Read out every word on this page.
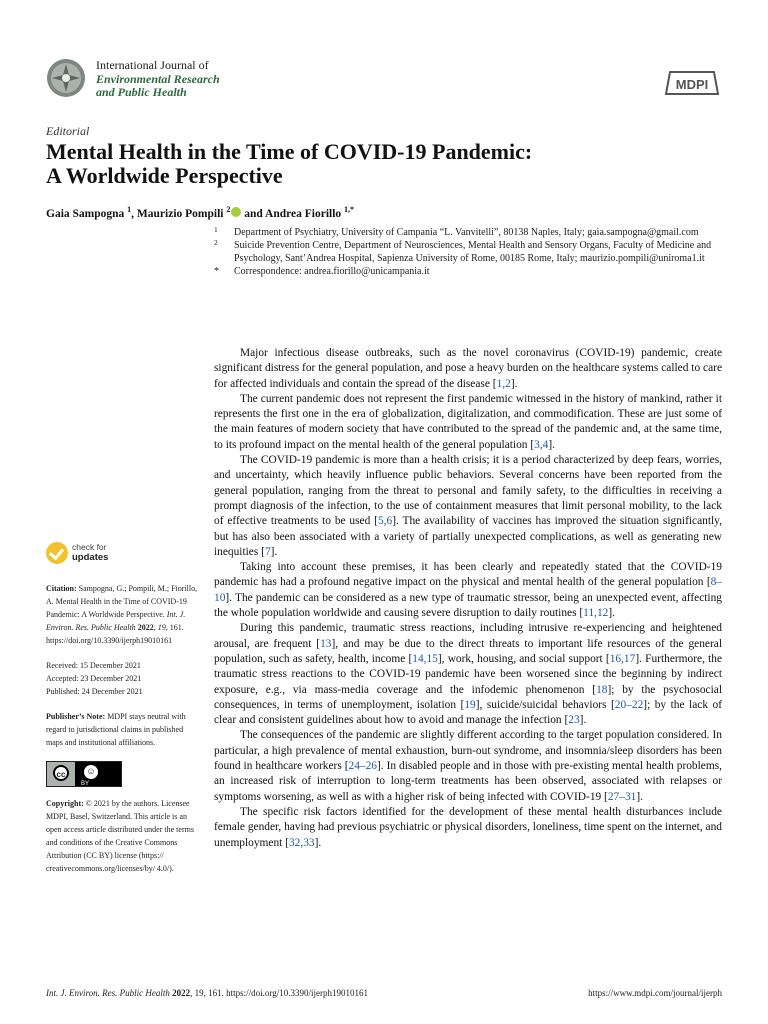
International Journal of
Environmental Research
and Public Health	MDPI
Editorial
Mental Health in the Time of COVID-19 Pandemic:
A Worldwide Perspective
Gaia Sampogna $^1$, Maurizio Pompili $^2$ and Andrea Fiorillo $^{1,*}$
1 Department of Psychiatry, University of Campania “L. Vanvitelli”, 80138 Naples, Italy; gaia.sampogna@gmail.com
2 Suicide Prevention Centre, Department of Neurosciences, Mental Health and Sensory Organs, Faculty of Medicine and Psychology, Sant’Andrea Hospital, Sapienza University of Rome, 00185 Rome, Italy; maurizio.pompili@uniroma1.it
* Correspondence: andrea.fiorillo@unicampania.it
check for
updates

Citation: Sampogna, G.; Pompili, M.; Fiorillo, A. Mental Health in the Time of COVID-19 Pandemic: A Worldwide Perspective. Int. J. Environ. Res. Public Health 2022, 19, 161. https://doi.org/10.3390/ijerph19010161

Received: 15 December 2021
Accepted: 23 December 2021
Published: 24 December 2021

Publisher’s Note: MDPI stays neutral with regard to jurisdictional claims in published maps and institutional affiliations.

cc	☺
BY

Copyright: © 2021 by the authors. Licensee MDPI, Basel, Switzerland. This article is an open access article distributed under the terms and conditions of the Creative Commons Attribution (CC BY) license (https:// creativecommons.org/licenses/by/ 4.0/).

Major infectious disease outbreaks, such as the novel coronavirus (COVID-19) pandemic, create significant distress for the general population, and pose a heavy burden on the healthcare systems called to care for affected individuals and contain the spread of the disease [1,2].

The current pandemic does not represent the first pandemic witnessed in the history of mankind, rather it represents the first one in the era of globalization, digitalization, and commodification. These are just some of the main features of modern society that have contributed to the spread of the pandemic and, at the same time, to its profound impact on the mental health of the general population [3,4].

The COVID-19 pandemic is more than a health crisis; it is a period characterized by deep fears, worries, and uncertainty, which heavily influence public behaviors. Several concerns have been reported from the general population, ranging from the threat to personal and family safety, to the difficulties in receiving a prompt diagnosis of the infection, to the use of containment measures that limit personal mobility, to the lack of effective treatments to be used [5,6]. The availability of vaccines has improved the situation significantly, but has also been associated with a variety of partially unexpected complications, as well as generating new inequities [7].

Taking into account these premises, it has been clearly and repeatedly stated that the COVID-19 pandemic has had a profound negative impact on the physical and mental health of the general population [8–10]. The pandemic can be considered as a new type of traumatic stressor, being an unexpected event, affecting the whole population worldwide and causing severe disruption to daily routines [11,12].

During this pandemic, traumatic stress reactions, including intrusive re-experiencing and heightened arousal, are frequent [13], and may be due to the direct threats to important life resources of the general population, such as safety, health, income [14,15], work, housing, and social support [16,17]. Furthermore, the traumatic stress reactions to the COVID-19 pandemic have been worsened since the beginning by indirect exposure, e.g., via mass-media coverage and the infodemic phenomenon [18]; by the psychosocial consequences, in terms of unemployment, isolation [19], suicide/suicidal behaviors [20–22]; by the lack of clear and consistent guidelines about how to avoid and manage the infection [23].

The consequences of the pandemic are slightly different according to the target population considered. In particular, a high prevalence of mental exhaustion, burn-out syndrome, and insomnia/sleep disorders has been found in healthcare workers [24–26]. In disabled people and in those with pre-existing mental health problems, an increased risk of interruption to long-term treatments has been observed, associated with relapses or symptoms worsening, as well as with a higher risk of being infected with COVID-19 [27–31].

The specific risk factors identified for the development of these mental health disturbances include female gender, having had previous psychiatric or physical disorders, loneliness, time spent on the internet, and unemployment [32,33].

Int. J. Environ. Res. Public Health 2022, 19, 161. https://doi.org/10.3390/ijerph19010161	https://www.mdpi.com/journal/ijerph
